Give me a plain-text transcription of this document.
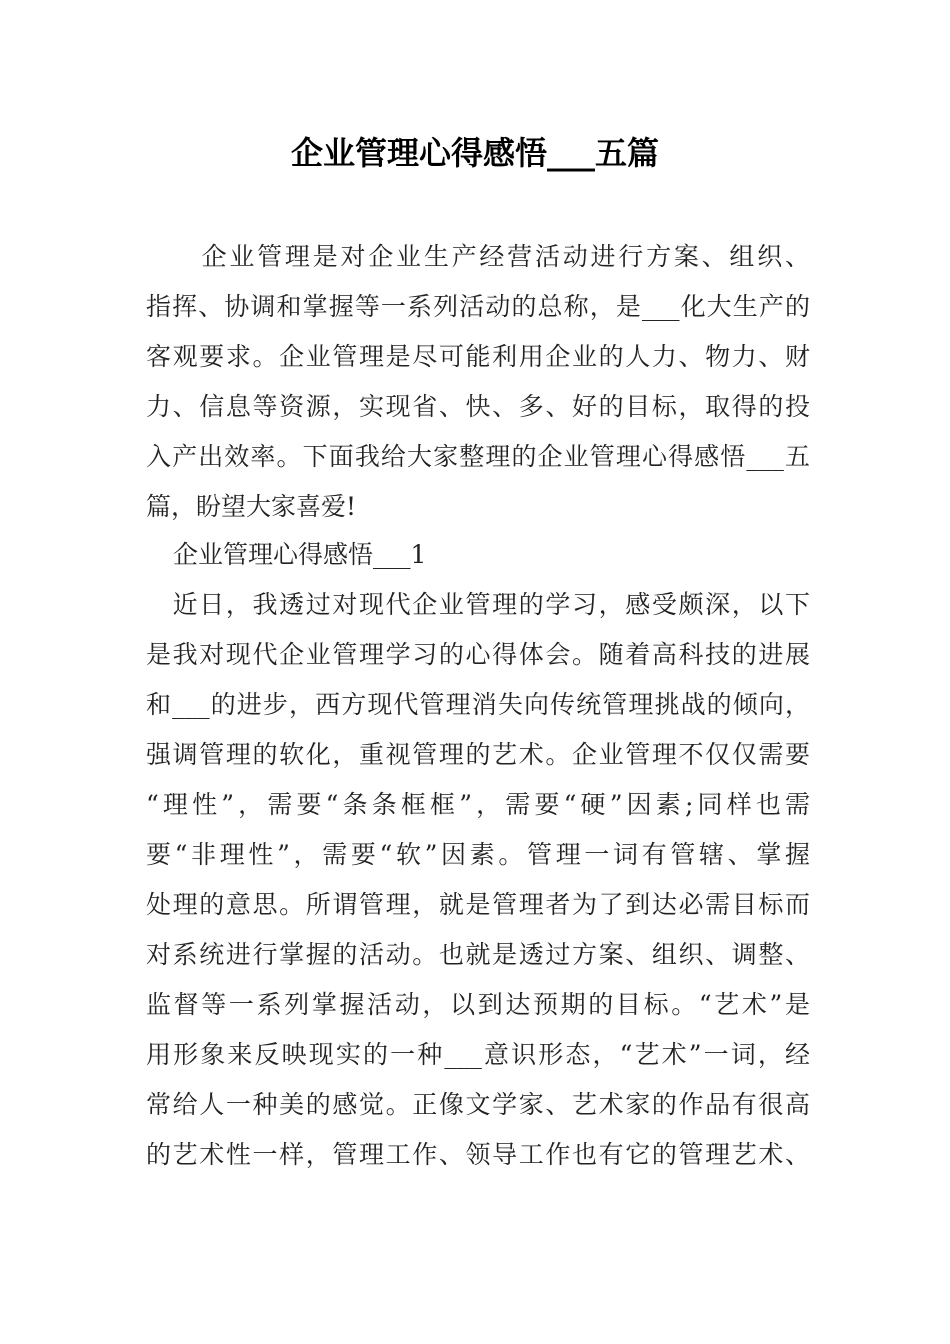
企业管理心得感悟___五篇
　　企业管理是对企业生产经营活动进行方案、组织、
指挥、协调和掌握等一系列活动的总称，是___化大生产的
客观要求。企业管理是尽可能利用企业的人力、物力、财
力、信息等资源，实现省、快、多、好的目标，取得的投
入产出效率。下面我给大家整理的企业管理心得感悟___五
篇，盼望大家喜爱!
企业管理心得感悟___1
　近日，我透过对现代企业管理的学习，感受颇深，以下
是我对现代企业管理学习的心得体会。随着高科技的进展
和___的进步，西方现代管理消失向传统管理挑战的倾向，
强调管理的软化，重视管理的艺术。企业管理不仅仅需要
“理性”，需要“条条框框”，需要“硬”因素;同样也需
要“非理性”，需要“软”因素。管理一词有管辖、掌握
处理的意思。所谓管理，就是管理者为了到达必需目标而
对系统进行掌握的活动。也就是透过方案、组织、调整、
监督等一系列掌握活动，以到达预期的目标。“艺术”是
用形象来反映现实的一种___意识形态，“艺术”一词，经
常给人一种美的感觉。正像文学家、艺术家的作品有很高
的艺术性一样，管理工作、领导工作也有它的管理艺术、
